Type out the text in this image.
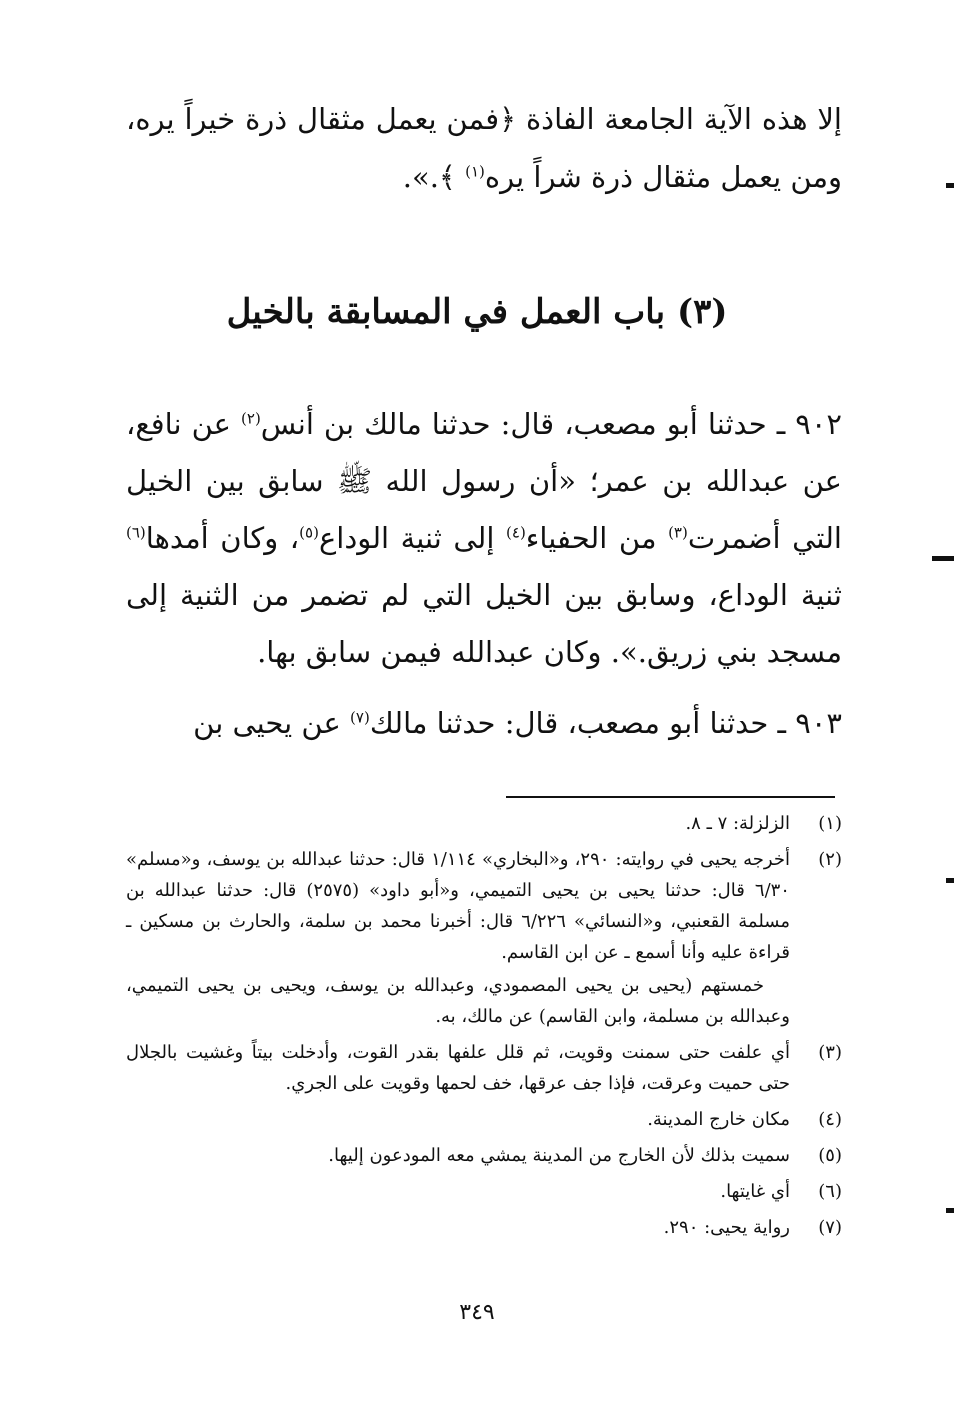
إلا هذه الآية الجامعة الفاذة ﴿فمن يعمل مثقال ذرة خيراً يره، ومن يعمل مثقال ذرة شراً يره$^{(١)}$ ﴾.».
(٣) باب العمل في المسابقة بالخيل
٩٠٢ ـ حدثنا أبو مصعب، قال: حدثنا مالك بن أنس$^{(٢)}$ عن نافع، عن عبدالله بن عمر؛ «أن رسول الله ﷺ سابق بين الخيل التي أضمرت$^{(٣)}$ من الحفياء$^{(٤)}$ إلى ثنية الوداع$^{(٥)}$، وكان أمدها$^{(٦)}$ ثنية الوداع، وسابق بين الخيل التي لم تضمر من الثنية إلى مسجد بني زريق.». وكان عبدالله فيمن سابق بها.
٩٠٣ ـ حدثنا أبو مصعب، قال: حدثنا مالك$^{(٧)}$ عن يحيى بن
(١)
الزلزلة: ٧ ـ ٨.
(٢)
أخرجه يحيى في روايته: ٢٩٠، و«البخاري» ١/١١٤ قال: حدثنا عبدالله بن يوسف، و«مسلم» ٦/٣٠ قال: حدثنا يحيى بن يحيى التميمي، و«أبو داود» (٢٥٧٥) قال: حدثنا عبدالله بن مسلمة القعنبي، و«النسائي» ٦/٢٢٦ قال: أخبرنا محمد بن سلمة، والحارث بن مسكين ـ قراءة عليه وأنا أسمع ـ عن ابن القاسم.
خمستهم (يحيى بن يحيى المصمودي، وعبدالله بن يوسف، ويحيى بن يحيى التميمي، وعبدالله بن مسلمة، وابن القاسم) عن مالك، به.
(٣)
أي علفت حتى سمنت وقويت، ثم قلل علفها بقدر القوت، وأدخلت بيتاً وغشيت بالجلال حتى حميت وعرقت، فإذا جف عرقها، خف لحمها وقويت على الجري.
(٤)
مكان خارج المدينة.
(٥)
سميت بذلك لأن الخارج من المدينة يمشي معه المودعون إليها.
(٦)
أي غايتها.
(٧)
رواية يحيى: ٢٩٠.
٣٤٩
